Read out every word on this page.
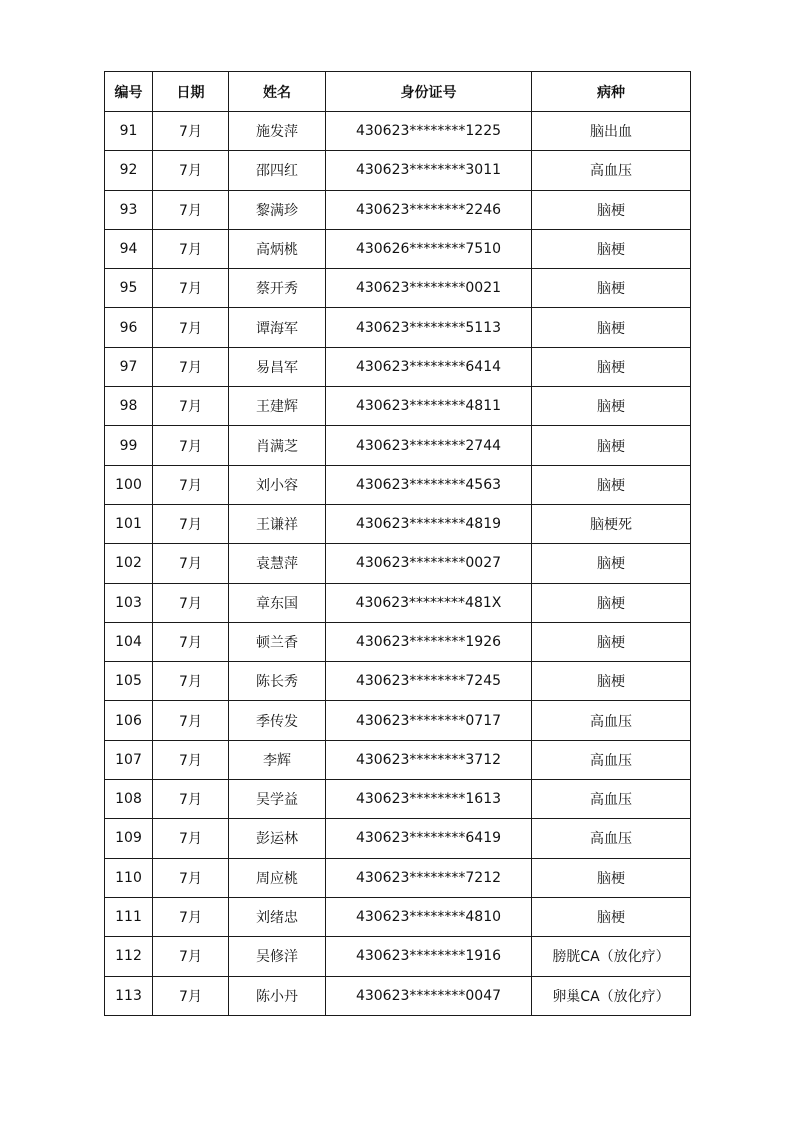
编号	日期	姓名	身份证号	病种
91	7月	施发萍	430623********1225	脑出血
92	7月	邵四红	430623********3011	高血压
93	7月	黎满珍	430623********2246	脑梗
94	7月	高炳桃	430626********7510	脑梗
95	7月	蔡开秀	430623********0021	脑梗
96	7月	谭海军	430623********5113	脑梗
97	7月	易昌军	430623********6414	脑梗
98	7月	王建辉	430623********4811	脑梗
99	7月	肖满芝	430623********2744	脑梗
100	7月	刘小容	430623********4563	脑梗
101	7月	王谦祥	430623********4819	脑梗死
102	7月	袁慧萍	430623********0027	脑梗
103	7月	章东国	430623********481X	脑梗
104	7月	顿兰香	430623********1926	脑梗
105	7月	陈长秀	430623********7245	脑梗
106	7月	季传发	430623********0717	高血压
107	7月	李辉	430623********3712	高血压
108	7月	吴学益	430623********1613	高血压
109	7月	彭运林	430623********6419	高血压
110	7月	周应桃	430623********7212	脑梗
111	7月	刘绪忠	430623********4810	脑梗
112	7月	吴修洋	430623********1916	膀胱CA（放化疗）
113	7月	陈小丹	430623********0047	卵巢CA（放化疗）
